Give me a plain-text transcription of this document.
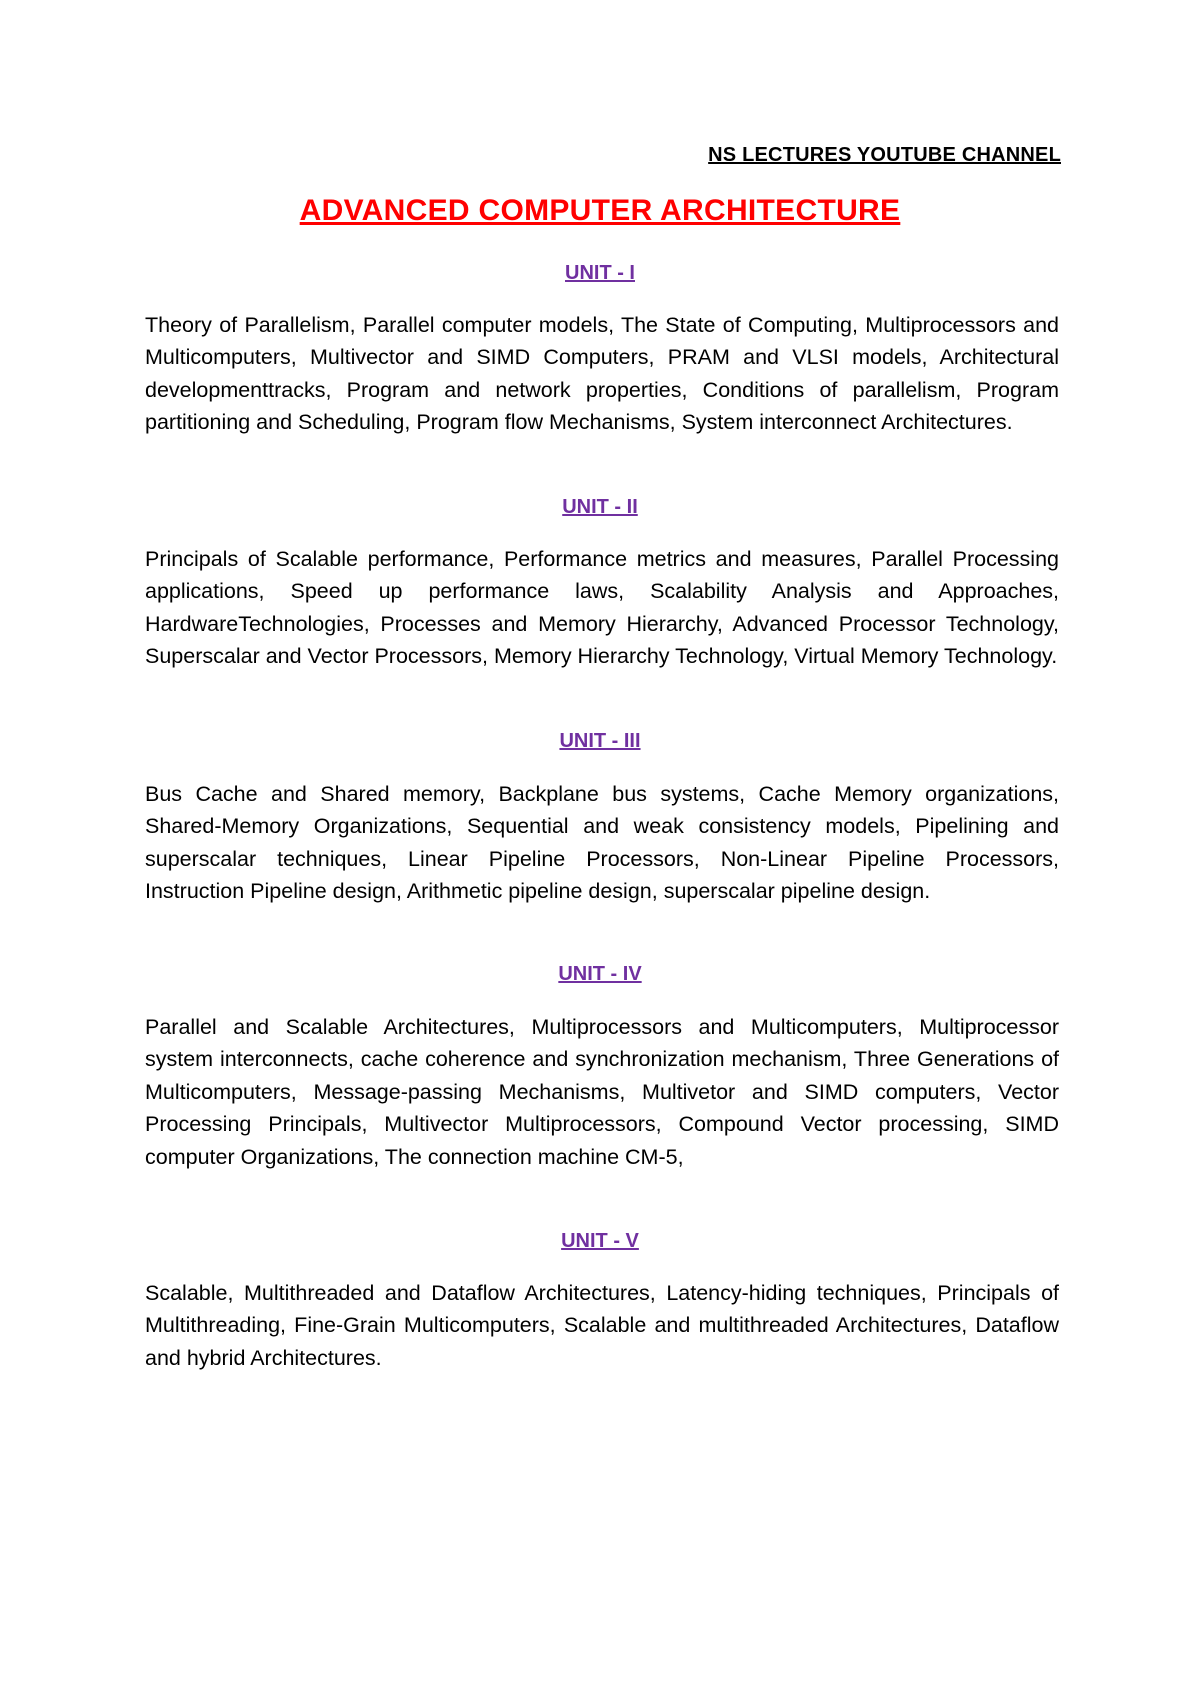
NS LECTURES YOUTUBE CHANNEL
ADVANCED COMPUTER ARCHITECTURE
UNIT - I

Theory of Parallelism, Parallel computer models, The State of Computing, Multiprocessors and Multicomputers, Multivector and SIMD Computers, PRAM and VLSI models, Architectural developmenttracks, Program and network properties, Conditions of parallelism, Program partitioning and Scheduling, Program flow Mechanisms, System interconnect Architectures.

UNIT - II

Principals of Scalable performance, Performance metrics and measures, Parallel Processing applications, Speed up performance laws, Scalability Analysis and Approaches, HardwareTechnologies, Processes and Memory Hierarchy, Advanced Processor Technology, Superscalar and Vector Processors, Memory Hierarchy Technology, Virtual Memory Technology.

UNIT - III

Bus Cache and Shared memory, Backplane bus systems, Cache Memory organizations, Shared-Memory Organizations, Sequential and weak consistency models, Pipelining and superscalar techniques, Linear Pipeline Processors, Non-Linear Pipeline Processors, Instruction Pipeline design, Arithmetic pipeline design, superscalar pipeline design.

UNIT - IV

Parallel and Scalable Architectures, Multiprocessors and Multicomputers, Multiprocessor system interconnects, cache coherence and synchronization mechanism, Three Generations of Multicomputers, Message-passing Mechanisms, Multivetor and SIMD computers, Vector Processing Principals, Multivector Multiprocessors, Compound Vector processing, SIMD computer Organizations, The connection machine CM-5,

UNIT - V

Scalable, Multithreaded and Dataflow Architectures, Latency-hiding techniques, Principals of Multithreading, Fine-Grain Multicomputers, Scalable and multithreaded Architectures, Dataflow and hybrid Architectures.
